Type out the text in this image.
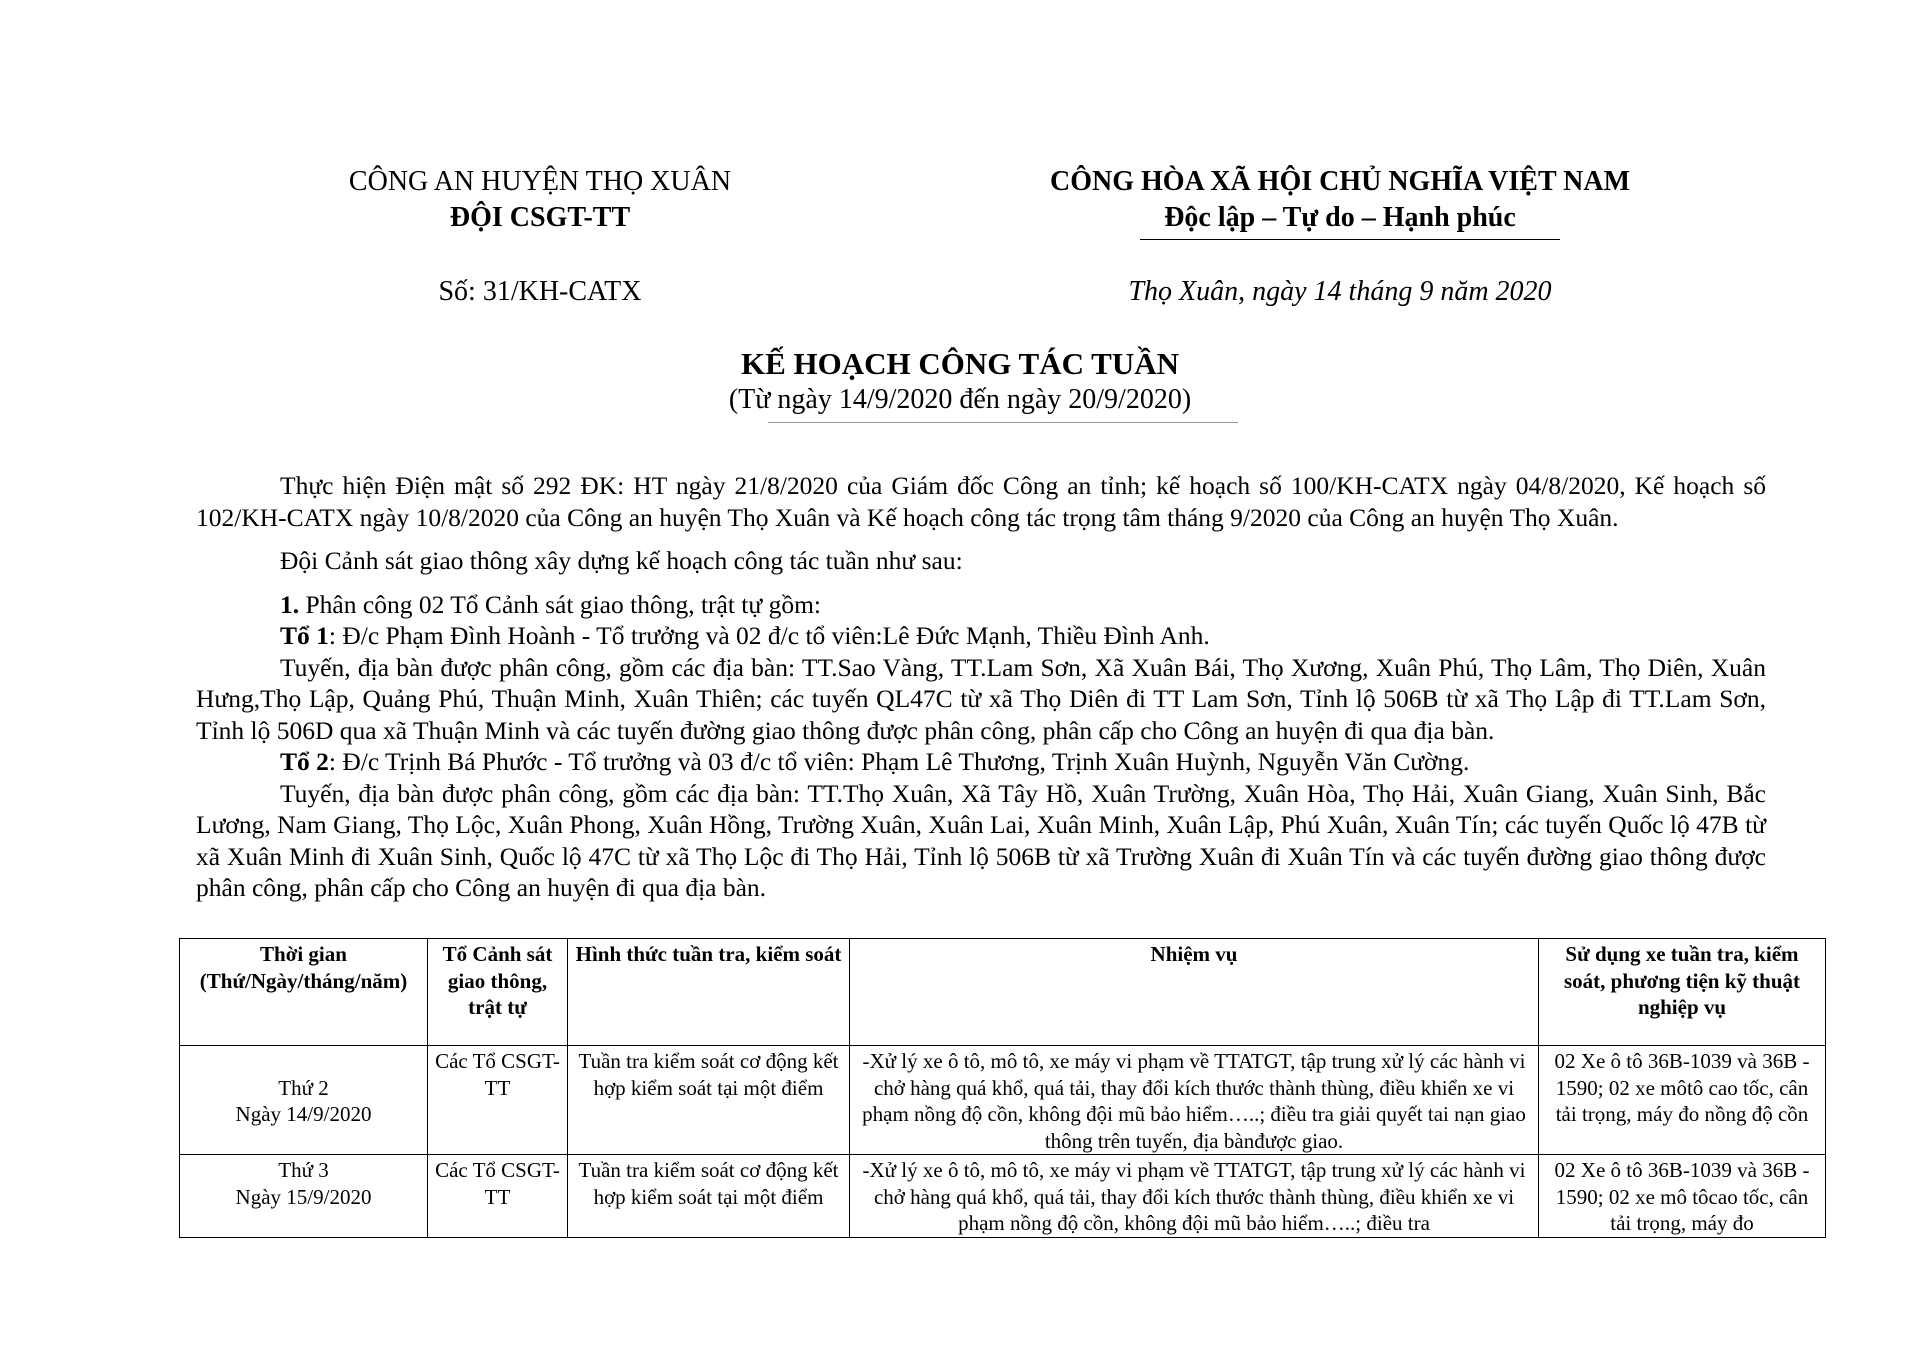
CÔNG AN HUYỆN THỌ XUÂN
ĐỘI CSGT-TT
CÔNG HÒA XÃ HỘI CHỦ NGHĨA VIỆT NAM
Độc lập – Tự do – Hạnh phúc
Số: 31/KH-CATX	Thọ Xuân, ngày 14 tháng 9 năm 2020
KẾ HOẠCH CÔNG TÁC TUẦN
(Từ ngày 14/9/2020 đến ngày 20/9/2020)

Thực hiện Điện mật số 292 ĐK: HT ngày 21/8/2020 của Giám đốc Công an tỉnh; kế hoạch số 100/KH-CATX ngày 04/8/2020, Kế hoạch số 102/KH-CATX ngày 10/8/2020 của Công an huyện Thọ Xuân và Kế hoạch công tác trọng tâm tháng 9/2020 của Công an huyện Thọ Xuân.

Đội Cảnh sát giao thông xây dựng kế hoạch công tác tuần như sau:

1. Phân công 02 Tổ Cảnh sát giao thông, trật tự gồm:

Tổ 1: Đ/c Phạm Đình Hoành - Tổ trưởng và 02 đ/c tổ viên:Lê Đức Mạnh, Thiều Đình Anh.

Tuyến, địa bàn được phân công, gồm các địa bàn: TT.Sao Vàng, TT.Lam Sơn, Xã Xuân Bái, Thọ Xương, Xuân Phú, Thọ Lâm, Thọ Diên, Xuân Hưng,Thọ Lập, Quảng Phú, Thuận Minh, Xuân Thiên; các tuyến QL47C từ xã Thọ Diên đi TT Lam Sơn, Tỉnh lộ 506B từ xã Thọ Lập đi TT.Lam Sơn, Tỉnh lộ 506D qua xã Thuận Minh và các tuyến đường giao thông được phân công, phân cấp cho Công an huyện đi qua địa bàn.

Tổ 2: Đ/c Trịnh Bá Phước - Tổ trưởng và 03 đ/c tổ viên: Phạm Lê Thương, Trịnh Xuân Huỳnh, Nguyễn Văn Cường.

Tuyến, địa bàn được phân công, gồm các địa bàn: TT.Thọ Xuân, Xã Tây Hồ, Xuân Trường, Xuân Hòa, Thọ Hải, Xuân Giang, Xuân Sinh, Bắc Lương, Nam Giang, Thọ Lộc, Xuân Phong, Xuân Hồng, Trường Xuân, Xuân Lai, Xuân Minh, Xuân Lập, Phú Xuân, Xuân Tín; các tuyến Quốc lộ 47B từ xã Xuân Minh đi Xuân Sinh, Quốc lộ 47C từ xã Thọ Lộc đi Thọ Hải, Tỉnh lộ 506B từ xã Trường Xuân đi Xuân Tín và các tuyến đường giao thông được phân công, phân cấp cho Công an huyện đi qua địa bàn.

Thời gian (Thứ/Ngày/tháng/năm)	Tổ Cảnh sát giao thông, trật tự	Hình thức tuần tra, kiểm soát	Nhiệm vụ	Sử dụng xe tuần tra, kiểm soát, phương tiện kỹ thuật nghiệp vụ

Thứ 2
Ngày 14/9/2020	Các Tổ CSGT-TT	Tuần tra kiểm soát cơ động kết hợp kiểm soát tại một điểm	-Xử lý xe ô tô, mô tô, xe máy vi phạm về TTATGT, tập trung xử lý các hành vi chở hàng quá khổ, quá tải, thay đổi kích thước thành thùng, điều khiển xe vi phạm nồng độ cồn, không đội mũ bảo hiểm…..; điều tra giải quyết tai nạn giao thông trên tuyến, địa bànđược giao.	02 Xe ô tô 36B-1039 và 36B - 1590; 02 xe môtô cao tốc, cân tải trọng, máy đo nồng độ cồn

Thứ 3
Ngày 15/9/2020	Các Tổ CSGT-TT	Tuần tra kiểm soát cơ động kết hợp kiểm soát tại một điểm	-Xử lý xe ô tô, mô tô, xe máy vi phạm về TTATGT, tập trung xử lý các hành vi chở hàng quá khổ, quá tải, thay đổi kích thước thành thùng, điều khiển xe vi phạm nồng độ cồn, không đội mũ bảo hiểm…..; điều tra	02 Xe ô tô 36B-1039 và 36B - 1590; 02 xe mô tôcao tốc, cân tải trọng, máy đo
